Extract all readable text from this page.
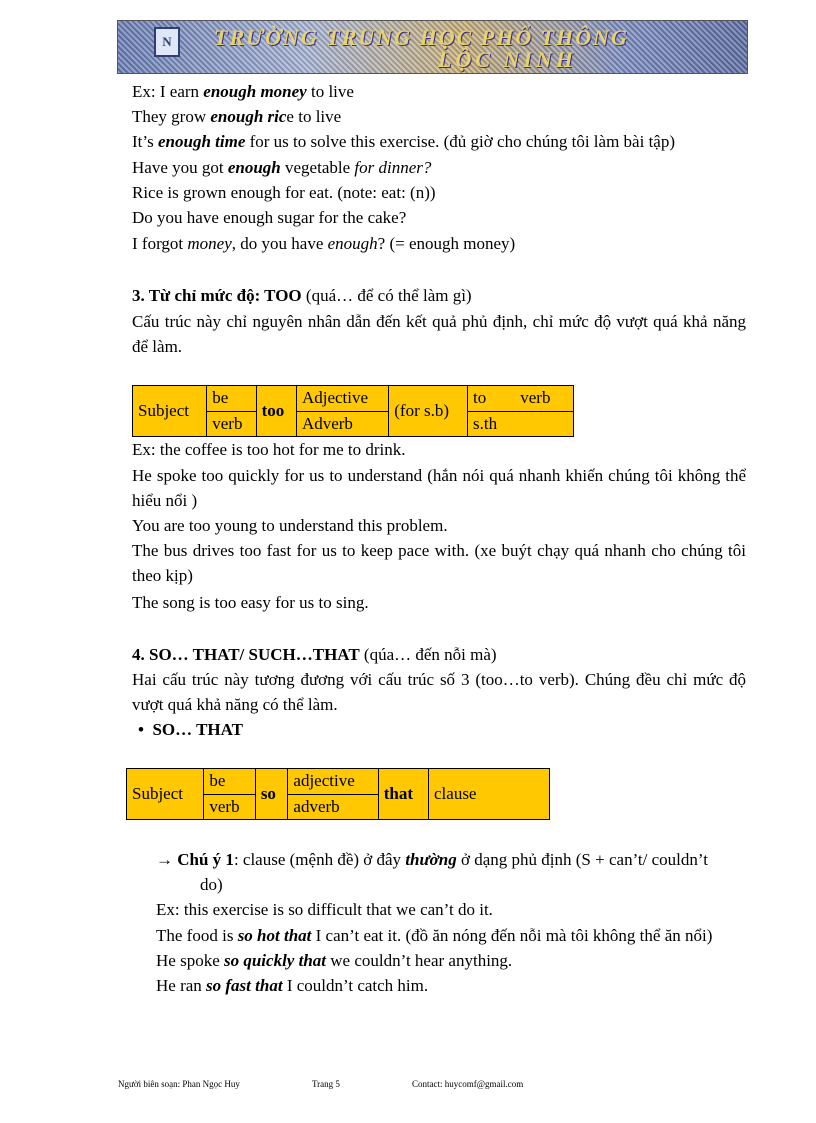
N	TRƯỜNG TRUNG HỌC PHỔ THÔNG
LỘC NINH
Ex: I earn enough money to live
They grow enough rice to live
It’s enough time for us to solve this exercise. (đủ giờ cho chúng tôi làm bài tập)
Have you got enough vegetable for dinner?
Rice is grown enough for eat. (note: eat: (n))
Do you have enough sugar for the cake?
I forgot money, do you have enough? (= enough money)
3. Từ chỉ mức độ: TOO (quá… để có thể làm gì)
Cấu trúc này chỉ nguyên nhân dẫn đến kết quả phủ định, chỉ mức độ vượt quá khả năng để làm.
Subject	be	too	Adjective	(for s.b)	to verb
	verb		Adverb		s.th
Ex: the coffee is too hot for me to drink.
He spoke too quickly for us to understand (hắn nói quá nhanh khiến chúng tôi không thể hiểu nổi )
You are too young to understand this problem.
The bus drives too fast for us to keep pace with. (xe buýt chạy quá nhanh cho chúng tôi theo kịp)
The song is too easy for us to sing.
4. SO… THAT/ SUCH…THAT (qúa… đến nỗi mà)
Hai cấu trúc này tương đương với cấu trúc số 3 (too…to verb). Chúng đều chỉ mức độ vượt quá khả năng có thể làm.
• SO… THAT
Subject	be	so	adjective	that	clause
	verb		adverb		
→ Chú ý 1: clause (mệnh đề) ở đây thường ở dạng phủ định (S + can’t/ couldn’t
do)
Ex: this exercise is so difficult that we can’t do it.
The food is so hot that I can’t eat it. (đồ ăn nóng đến nỗi mà tôi không thể ăn nổi)
He spoke so quickly that we couldn’t hear anything.
He ran so fast that I couldn’t catch him.
Người biên soạn: Phan Ngọc Huy	Trang 5	Contact: huycomf@gmail.com
